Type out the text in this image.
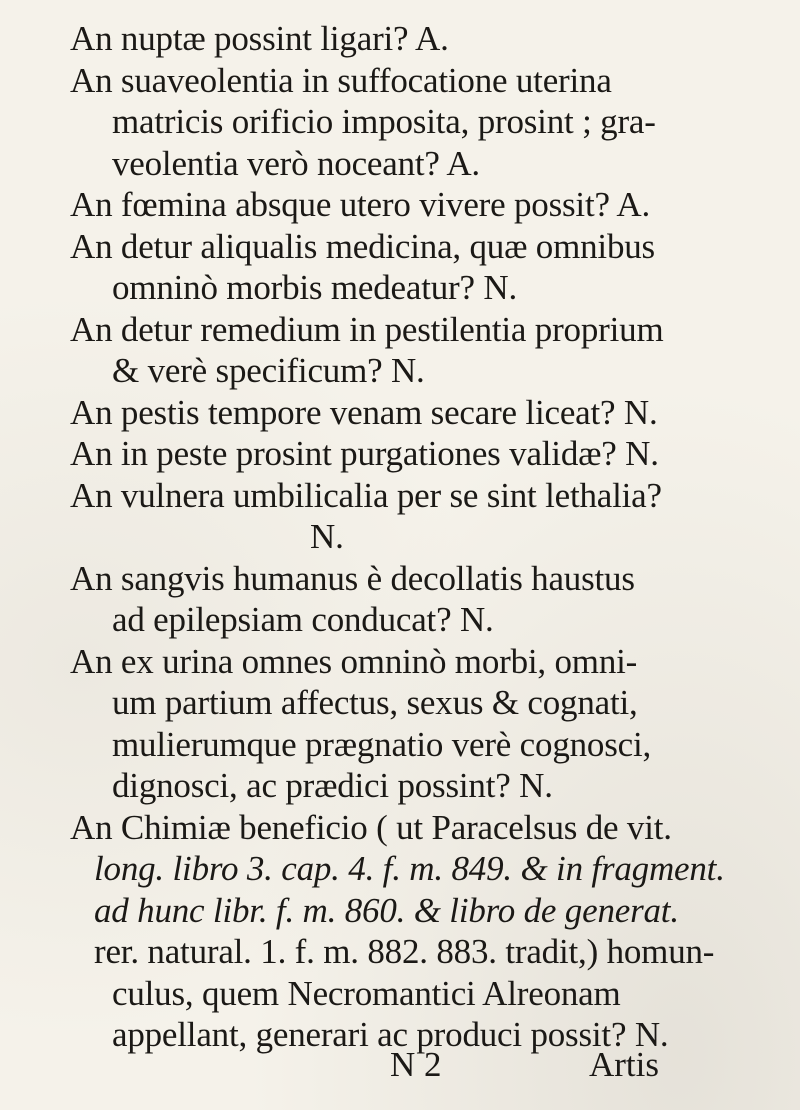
An nuptæ possint ligari? A.
An suaveolentia in suffocatione uterina
matricis orificio imposita, prosint ; gra-
veolentia verò noceant? A.
An fœmina absque utero vivere possit? A.
An detur aliqualis medicina, quæ omnibus
omninò morbis medeatur? N.
An detur remedium in pestilentia proprium
& verè specificum? N.
An pestis tempore venam secare liceat? N.
An in peste prosint purgationes validæ? N.
An vulnera umbilicalia per se sint lethalia?
N.
An sangvis humanus è decollatis haustus
ad epilepsiam conducat? N.
An ex urina omnes omninò morbi, omni-
um partium affectus, sexus & cognati,
mulierumque prægnatio verè cognosci,
dignosci, ac prædici possint? N.
An Chimiæ beneficio ( ut Paracelsus de vit.
long. libro 3. cap. 4. f. m. 849. & in fragment.
ad hunc libr. f. m. 860. & libro de generat.
rer. natural. 1. f. m. 882. 883. tradit,) homun-
culus, quem Necromantici Alreonam
appellant, generari ac produci possit? N.
N 2	Artis
